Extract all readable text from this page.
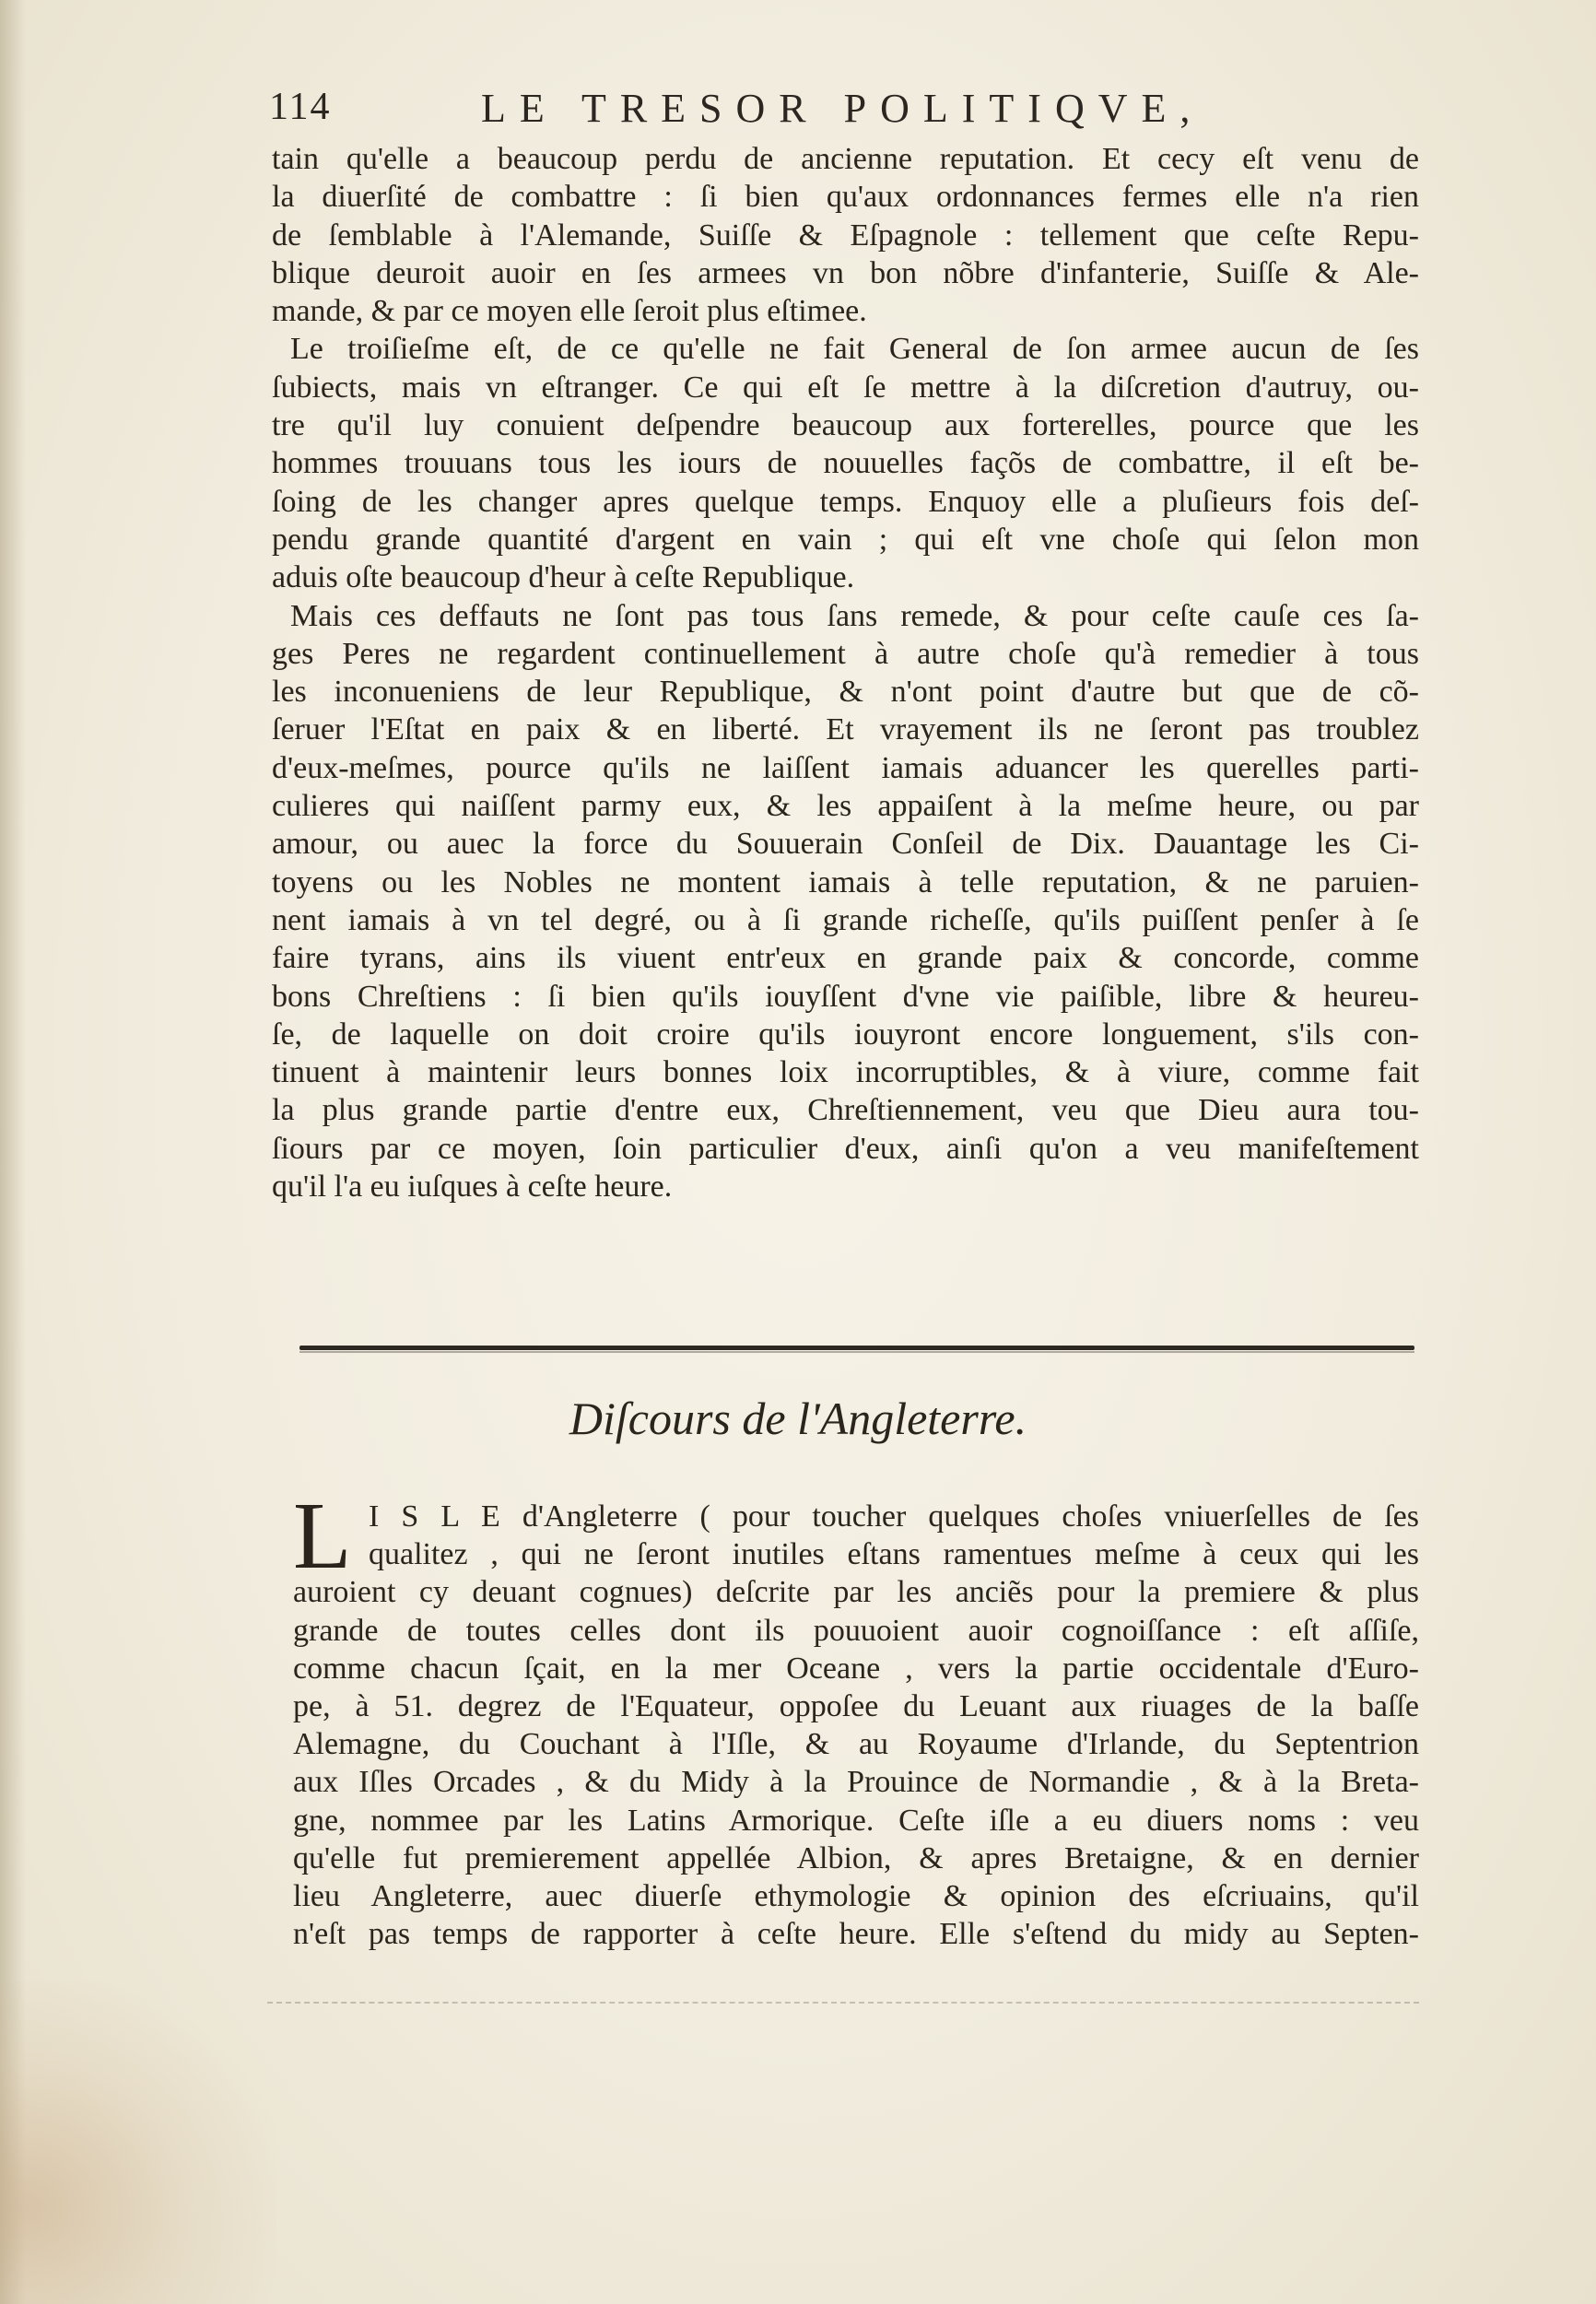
114	LE TRESOR POLITIQVE,
tain qu'elle a beaucoup perdu de ancienne reputation. Et cecy eſt venu de
la diuerſité de combattre : ſi bien qu'aux ordonnances fermes elle n'a rien
de ſemblable à l'Alemande, Suiſſe & Eſpagnole : tellement que ceſte Repu-
blique deuroit auoir en ſes armees vn bon nõbre d'infanterie, Suiſſe & Ale-
mande, & par ce moyen elle ſeroit plus eſtimee.
Le troiſieſme eſt, de ce qu'elle ne fait General de ſon armee aucun de ſes
ſubiects, mais vn eſtranger. Ce qui eſt ſe mettre à la diſcretion d'autruy, ou-
tre qu'il luy conuient deſpendre beaucoup aux forterelles, pource que les
hommes trouuans tous les iours de nouuelles façõs de combattre, il eſt be-
ſoing de les changer apres quelque temps. Enquoy elle a pluſieurs fois deſ-
pendu grande quantité d'argent en vain ; qui eſt vne choſe qui ſelon mon
aduis oſte beaucoup d'heur à ceſte Republique.
Mais ces deffauts ne ſont pas tous ſans remede, & pour ceſte cauſe ces ſa-
ges Peres ne regardent continuellement à autre choſe qu'à remedier à tous
les inconueniens de leur Republique, & n'ont point d'autre but que de cõ-
ſeruer l'Eſtat en paix & en liberté. Et vrayement ils ne ſeront pas troublez
d'eux-meſmes, pource qu'ils ne laiſſent iamais aduancer les querelles parti-
culieres qui naiſſent parmy eux, & les appaiſent à la meſme heure, ou par
amour, ou auec la force du Souuerain Conſeil de Dix. Dauantage les Ci-
toyens ou les Nobles ne montent iamais à telle reputation, & ne paruien-
nent iamais à vn tel degré, ou à ſi grande richeſſe, qu'ils puiſſent penſer à ſe
faire tyrans, ains ils viuent entr'eux en grande paix & concorde, comme
bons Chreſtiens : ſi bien qu'ils iouyſſent d'vne vie paiſible, libre & heureu-
ſe, de laquelle on doit croire qu'ils iouyront encore longuement, s'ils con-
tinuent à maintenir leurs bonnes loix incorruptibles, & à viure, comme fait
la plus grande partie d'entre eux, Chreſtiennement, veu que Dieu aura tou-
ſiours par ce moyen, ſoin particulier d'eux, ainſi qu'on a veu manifeſtement
qu'il l'a eu iuſques à ceſte heure.
Diſcours de l'Angleterre.
L I S L E d'Angleterre ( pour toucher quelques choſes vniuerſelles de ſes
qualitez , qui ne ſeront inutiles eſtans ramentues meſme à ceux qui les
auroient cy deuant cognues) deſcrite par les anciẽs pour la premiere & plus
grande de toutes celles dont ils pouuoient auoir cognoiſſance : eſt aſſiſe,
comme chacun ſçait, en la mer Oceane , vers la partie occidentale d'Euro-
pe, à 51. degrez de l'Equateur, oppoſee du Leuant aux riuages de la baſſe
Alemagne, du Couchant à l'Iſle, & au Royaume d'Irlande, du Septentrion
aux Iſles Orcades , & du Midy à la Prouince de Normandie , & à la Breta-
gne, nommee par les Latins Armorique. Ceſte iſle a eu diuers noms : veu
qu'elle fut premierement appellée Albion, & apres Bretaigne, & en dernier
lieu Angleterre, auec diuerſe ethymologie & opinion des eſcriuains, qu'il
n'eſt pas temps de rapporter à ceſte heure. Elle s'eſtend du midy au Septen-
